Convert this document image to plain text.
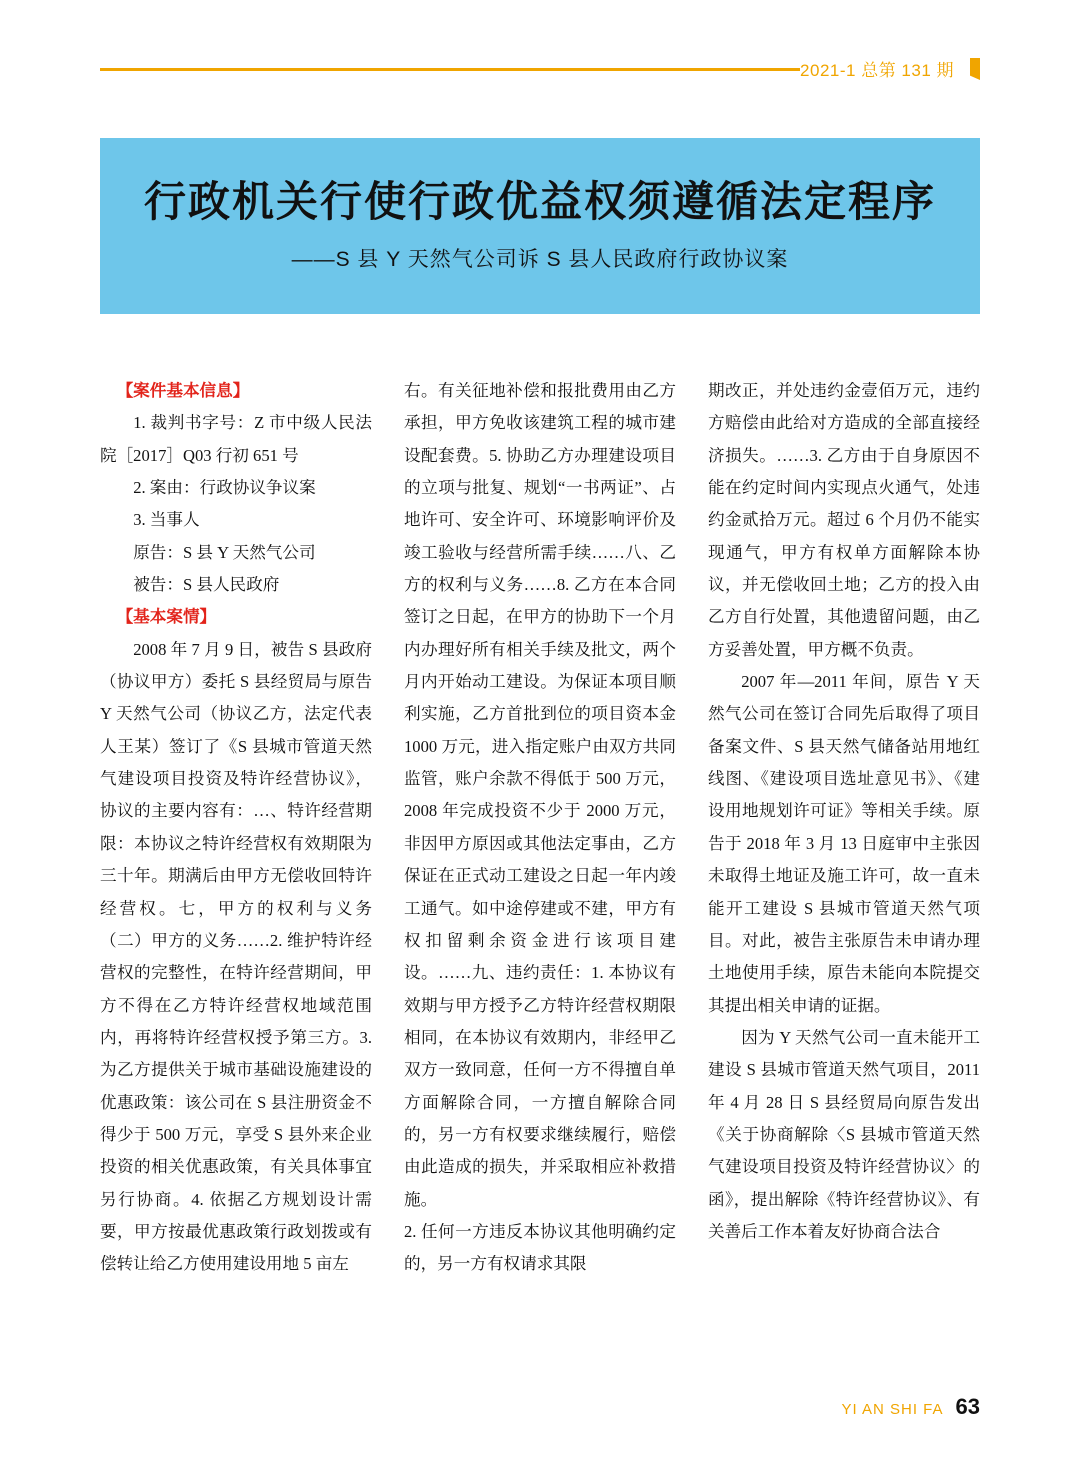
2021-1 总第 131 期
行政机关行使行政优益权须遵循法定程序
——S 县 Y 天然气公司诉 S 县人民政府行政协议案

【案件基本信息】

1. 裁判书字号：Z 市中级人民法院［2017］Q03 行初 651 号

2. 案由：行政协议争议案

3. 当事人

原告：S 县 Y 天然气公司

被告：S 县人民政府

【基本案情】

2008 年 7 月 9 日，被告 S 县政府（协议甲方）委托 S 县经贸局与原告 Y 天然气公司（协议乙方，法定代表人王某）签订了《S 县城市管道天然气建设项目投资及特许经营协议》，协议的主要内容有：…、特许经营期限：本协议之特许经营权有效期限为三十年。期满后由甲方无偿收回特许经营权。七，甲方的权利与义务（二）甲方的义务……2. 维护特许经营权的完整性，在特许经营期间，甲方不得在乙方特许经营权地域范围内，再将特许经营权授予第三方。3. 为乙方提供关于城市基础设施建设的优惠政策：该公司在 S 县注册资金不得少于 500 万元，享受 S 县外来企业投资的相关优惠政策，有关具体事宜另行协商。4. 依据乙方规划设计需要，甲方按最优惠政策行政划拨或有偿转让给乙方使用建设用地 5 亩左

右。有关征地补偿和报批费用由乙方承担，甲方免收该建筑工程的城市建设配套费。5. 协助乙方办理建设项目的立项与批复、规划“一书两证”、占地许可、安全许可、环境影响评价及竣工验收与经营所需手续……八、乙方的权利与义务……8. 乙方在本合同签订之日起，在甲方的协助下一个月内办理好所有相关手续及批文，两个月内开始动工建设。为保证本项目顺利实施，乙方首批到位的项目资本金 1000 万元，进入指定账户由双方共同监管，账户余款不得低于 500 万元，2008 年完成投资不少于 2000 万元，非因甲方原因或其他法定事由，乙方保证在正式动工建设之日起一年内竣工通气。如中途停建或不建，甲方有权扣留剩余资金进行该项目建设。……九、违约责任：1. 本协议有效期与甲方授予乙方特许经营权期限相同，在本协议有效期内，非经甲乙双方一致同意，任何一方不得擅自单方面解除合同，一方擅自解除合同的，另一方有权要求继续履行，赔偿由此造成的损失，并采取相应补救措施。

2. 任何一方违反本协议其他明确约定的，另一方有权请求其限

期改正，并处违约金壹佰万元，违约方赔偿由此给对方造成的全部直接经济损失。……3. 乙方由于自身原因不能在约定时间内实现点火通气，处违约金贰拾万元。超过 6 个月仍不能实现通气，甲方有权单方面解除本协议，并无偿收回土地；乙方的投入由乙方自行处置，其他遗留问题，由乙方妥善处置，甲方概不负责。

2007 年—2011 年间，原告 Y 天然气公司在签订合同先后取得了项目备案文件、S 县天然气储备站用地红线图、《建设项目选址意见书》、《建设用地规划许可证》等相关手续。原告于 2018 年 3 月 13 日庭审中主张因未取得土地证及施工许可，故一直未能开工建设 S 县城市管道天然气项目。对此，被告主张原告未申请办理土地使用手续，原告未能向本院提交其提出相关申请的证据。

因为 Y 天然气公司一直未能开工建设 S 县城市管道天然气项目，2011 年 4 月 28 日 S 县经贸局向原告发出《关于协商解除〈S 县城市管道天然气建设项目投资及特许经营协议〉的函》，提出解除《特许经营协议》、有关善后工作本着友好协商合法合

YI AN SHI FA 63
